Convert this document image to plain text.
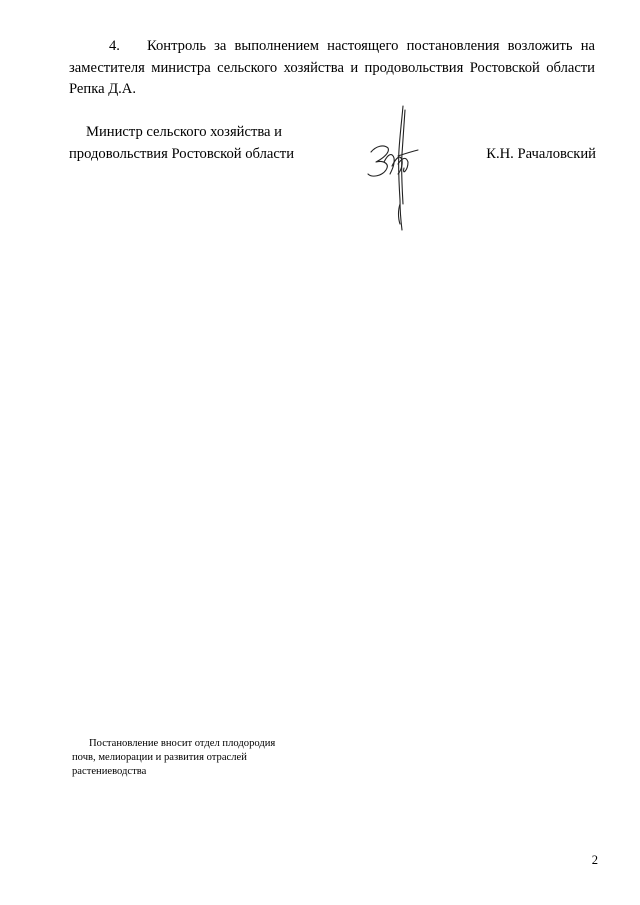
4. Контроль за выполнением настоящего постановления возложить на заместителя министра сельского хозяйства и продовольствия Ростовской области Репка Д.А.
Министр сельского хозяйства и
продовольствия Ростовской области	К.Н. Рачаловский
Постановление вносит отдел плодородия
почв, мелиорации и развития отраслей
растениеводства
2
